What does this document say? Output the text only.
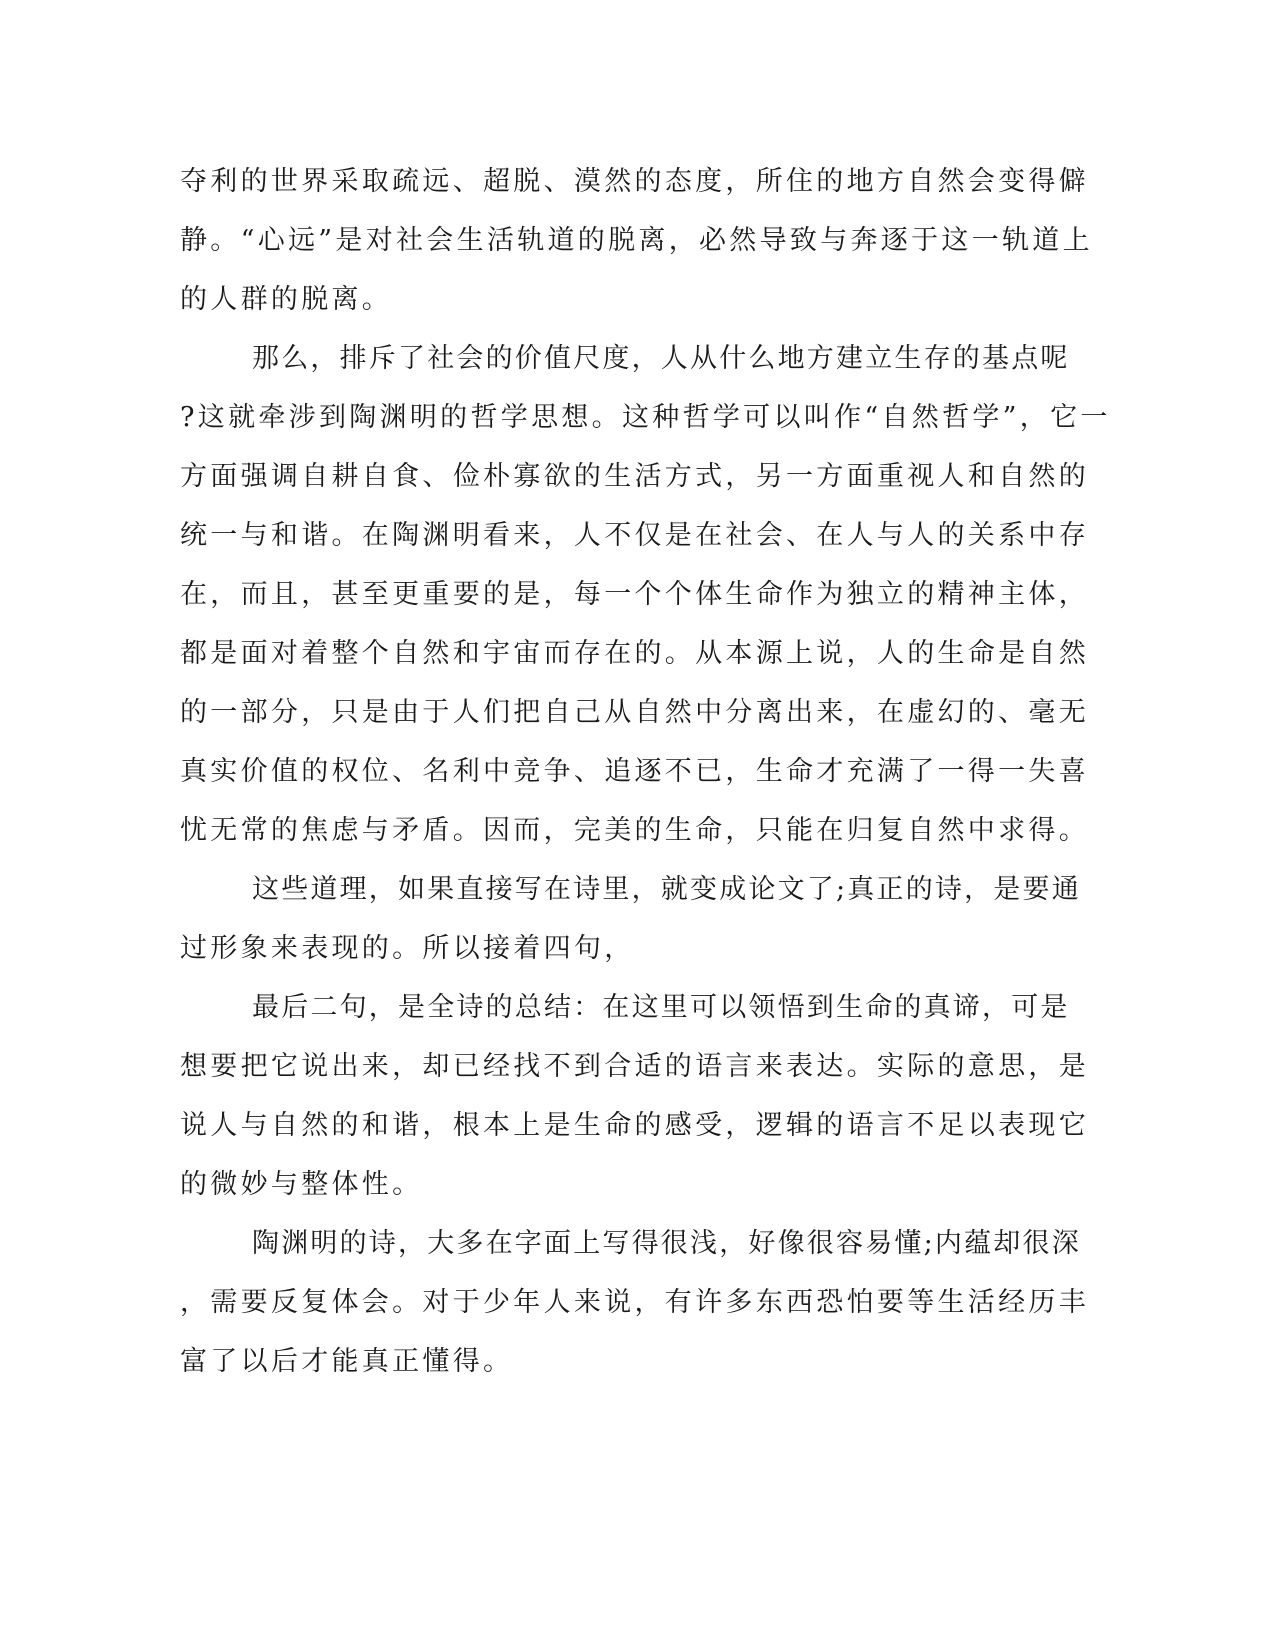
夺利的世界采取疏远、超脱、漠然的态度，所住的地方自然会变得僻
静。“心远”是对社会生活轨道的脱离，必然导致与奔逐于这一轨道上
的人群的脱离。
那么，排斥了社会的价值尺度，人从什么地方建立生存的基点呢
?这就牵涉到陶渊明的哲学思想。这种哲学可以叫作“自然哲学”，它一
方面强调自耕自食、俭朴寡欲的生活方式，另一方面重视人和自然的
统一与和谐。在陶渊明看来，人不仅是在社会、在人与人的关系中存
在，而且，甚至更重要的是，每一个个体生命作为独立的精神主体，
都是面对着整个自然和宇宙而存在的。从本源上说，人的生命是自然
的一部分，只是由于人们把自己从自然中分离出来，在虚幻的、毫无
真实价值的权位、名利中竞争、追逐不已，生命才充满了一得一失喜
忧无常的焦虑与矛盾。因而，完美的生命，只能在归复自然中求得。
这些道理，如果直接写在诗里，就变成论文了;真正的诗，是要通
过形象来表现的。所以接着四句，
最后二句，是全诗的总结：在这里可以领悟到生命的真谛，可是
想要把它说出来，却已经找不到合适的语言来表达。实际的意思，是
说人与自然的和谐，根本上是生命的感受，逻辑的语言不足以表现它
的微妙与整体性。
陶渊明的诗，大多在字面上写得很浅，好像很容易懂;内蕴却很深
，需要反复体会。对于少年人来说，有许多东西恐怕要等生活经历丰
富了以后才能真正懂得。
